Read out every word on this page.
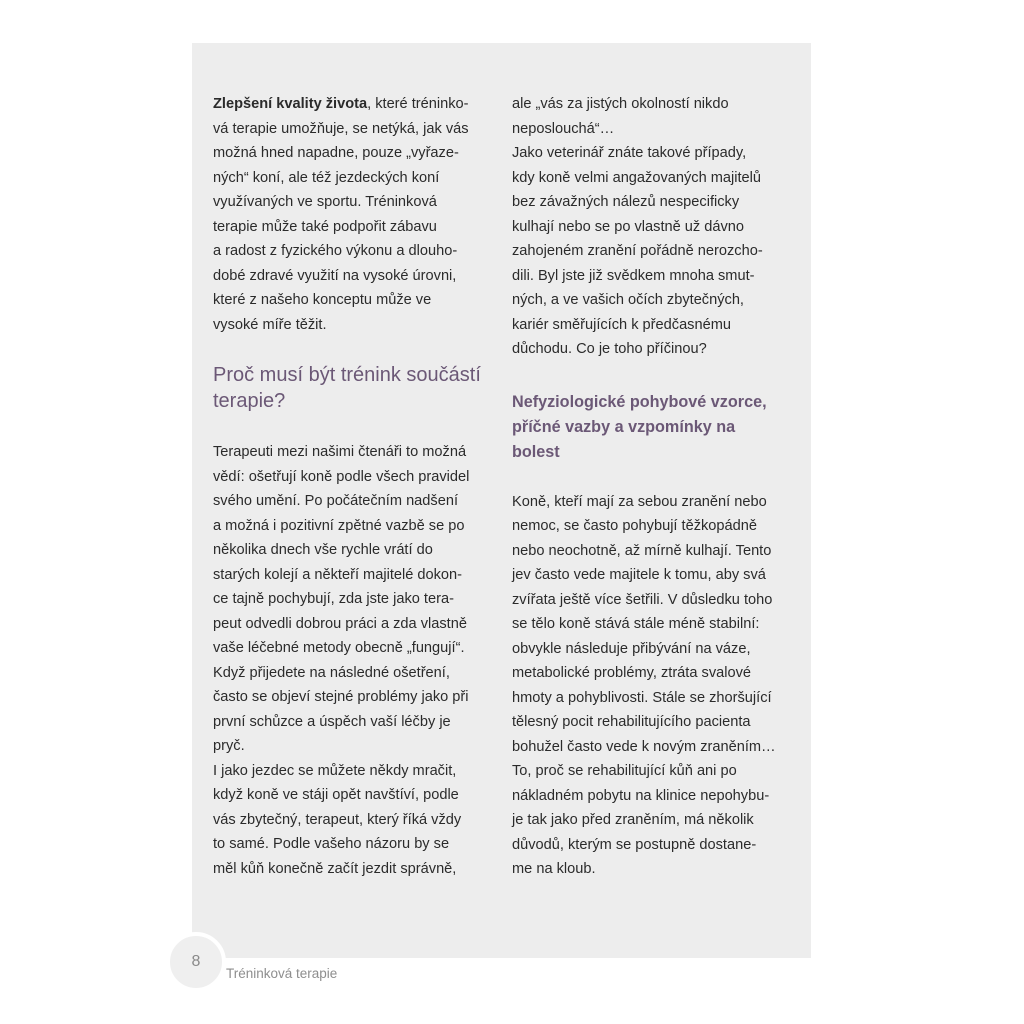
Zlepšení kvality života, které tréninko-

vá terapie umožňuje, se netýká, jak vás

možná hned napadne, pouze „vyřaze-

ných“ koní, ale též jezdeckých koní

využívaných ve sportu. Tréninková

terapie může také podpořit zábavu

a radost z fyzického výkonu a dlouho-

dobé zdravé využití na vysoké úrovni,

které z našeho konceptu může ve

vysoké míře těžit.

Proč musí být trénink součástí

terapie?

Terapeuti mezi našimi čtenáři to možná

vědí: ošetřují koně podle všech pravidel

svého umění. Po počátečním nadšení

a možná i pozitivní zpětné vazbě se po

několika dnech vše rychle vrátí do

starých kolejí a někteří majitelé dokon-

ce tajně pochybují, zda jste jako tera-

peut odvedli dobrou práci a zda vlastně

vaše léčebné metody obecně „fungují“.

Když přijedete na následné ošetření,

často se objeví stejné problémy jako při

první schůzce a úspěch vaší léčby je

pryč.

I jako jezdec se můžete někdy mračit,

když koně ve stáji opět navštíví, podle

vás zbytečný, terapeut, který říká vždy

to samé. Podle vašeho názoru by se

měl kůň konečně začít jezdit správně,

ale „vás za jistých okolností nikdo

neposlouchá“…

Jako veterinář znáte takové případy,

kdy koně velmi angažovaných majitelů

bez závažných nálezů nespecificky

kulhají nebo se po vlastně už dávno

zahojeném zranění pořádně nerozcho-

dili. Byl jste již svědkem mnoha smut-

ných, a ve vašich očích zbytečných,

kariér směřujících k předčasnému

důchodu. Co je toho příčinou?

Nefyziologické pohybové vzorce,

příčné vazby a vzpomínky na

bolest

Koně, kteří mají za sebou zranění nebo

nemoc, se často pohybují těžkopádně

nebo neochotně, až mírně kulhají. Tento

jev často vede majitele k tomu, aby svá

zvířata ještě více šetřili. V důsledku toho

se tělo koně stává stále méně stabilní:

obvykle následuje přibývání na váze,

metabolické problémy, ztráta svalové

hmoty a pohyblivosti. Stále se zhoršující

tělesný pocit rehabilitujícího pacienta

bohužel často vede k novým zraněním…

To, proč se rehabilitující kůň ani po

nákladném pobytu na klinice nepohybu-

je tak jako před zraněním, má několik

důvodů, kterým se postupně dostane-

me na kloub.

8
Tréninková terapie
